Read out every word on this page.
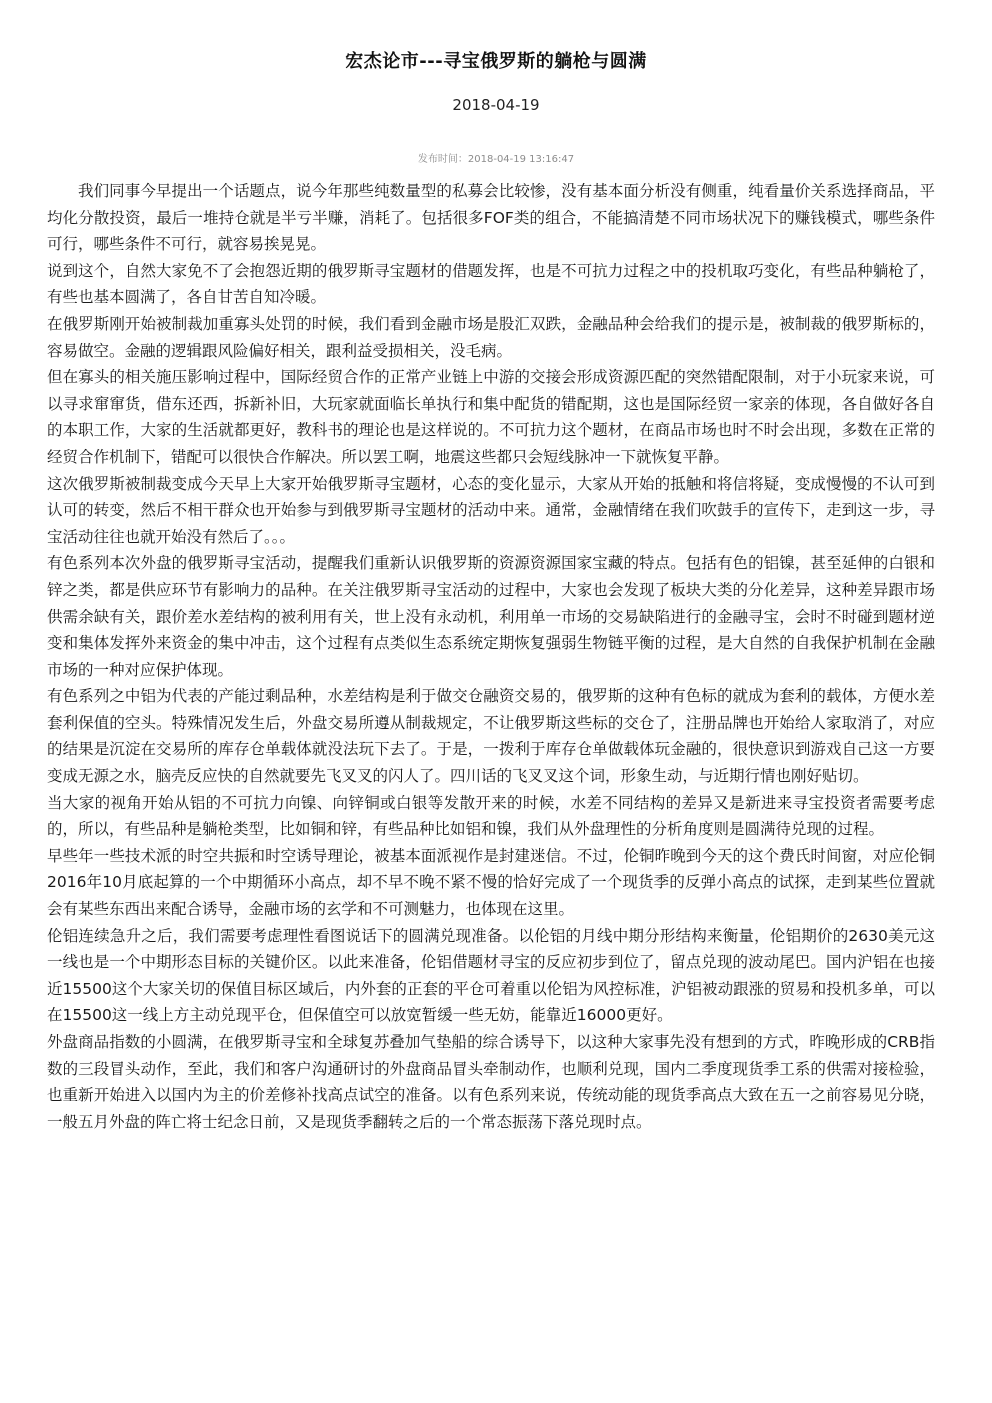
宏杰论市---寻宝俄罗斯的躺枪与圆满
2018-04-19
发布时间：2018-04-19 13:16:47

我们同事今早提出一个话题点，说今年那些纯数量型的私募会比较惨，没有基本面分析没有侧重，纯看量价关系选择商品，平均化分散投资，最后一堆持仓就是半亏半赚，消耗了。包括很多FOF类的组合，不能搞清楚不同市场状况下的赚钱模式，哪些条件可行，哪些条件不可行，就容易挨晃晃。

说到这个，自然大家免不了会抱怨近期的俄罗斯寻宝题材的借题发挥，也是不可抗力过程之中的投机取巧变化，有些品种躺枪了，有些也基本圆满了，各自甘苦自知冷暖。

在俄罗斯刚开始被制裁加重寡头处罚的时候，我们看到金融市场是股汇双跌，金融品种会给我们的提示是，被制裁的俄罗斯标的，容易做空。金融的逻辑跟风险偏好相关，跟利益受损相关，没毛病。

但在寡头的相关施压影响过程中，国际经贸合作的正常产业链上中游的交接会形成资源匹配的突然错配限制，对于小玩家来说，可以寻求窜窜货，借东还西，拆新补旧，大玩家就面临长单执行和集中配货的错配期，这也是国际经贸一家亲的体现，各自做好各自的本职工作，大家的生活就都更好，教科书的理论也是这样说的。不可抗力这个题材，在商品市场也时不时会出现，多数在正常的经贸合作机制下，错配可以很快合作解决。所以罢工啊，地震这些都只会短线脉冲一下就恢复平静。

这次俄罗斯被制裁变成今天早上大家开始俄罗斯寻宝题材，心态的变化显示，大家从开始的抵触和将信将疑，变成慢慢的不认可到认可的转变，然后不相干群众也开始参与到俄罗斯寻宝题材的活动中来。通常，金融情绪在我们吹鼓手的宣传下，走到这一步，寻宝活动往往也就开始没有然后了。。。

有色系列本次外盘的俄罗斯寻宝活动，提醒我们重新认识俄罗斯的资源资源国家宝藏的特点。包括有色的铝镍，甚至延伸的白银和锌之类，都是供应环节有影响力的品种。在关注俄罗斯寻宝活动的过程中，大家也会发现了板块大类的分化差异，这种差异跟市场供需余缺有关，跟价差水差结构的被利用有关，世上没有永动机，利用单一市场的交易缺陷进行的金融寻宝，会时不时碰到题材逆变和集体发挥外来资金的集中冲击，这个过程有点类似生态系统定期恢复强弱生物链平衡的过程，是大自然的自我保护机制在金融市场的一种对应保护体现。

有色系列之中铝为代表的产能过剩品种，水差结构是利于做交仓融资交易的，俄罗斯的这种有色标的就成为套利的载体，方便水差套利保值的空头。特殊情况发生后，外盘交易所遵从制裁规定，不让俄罗斯这些标的交仓了，注册品牌也开始给人家取消了，对应的结果是沉淀在交易所的库存仓单载体就没法玩下去了。于是，一拨利于库存仓单做载体玩金融的，很快意识到游戏自己这一方要变成无源之水，脑壳反应快的自然就要先飞叉叉的闪人了。四川话的飞叉叉这个词，形象生动，与近期行情也刚好贴切。

当大家的视角开始从铝的不可抗力向镍、向锌铜或白银等发散开来的时候，水差不同结构的差异又是新进来寻宝投资者需要考虑的，所以，有些品种是躺枪类型，比如铜和锌，有些品种比如铝和镍，我们从外盘理性的分析角度则是圆满待兑现的过程。

早些年一些技术派的时空共振和时空诱导理论，被基本面派视作是封建迷信。不过，伦铜昨晚到今天的这个费氏时间窗，对应伦铜2016年10月底起算的一个中期循环小高点，却不早不晚不紧不慢的恰好完成了一个现货季的反弹小高点的试探，走到某些位置就会有某些东西出来配合诱导，金融市场的玄学和不可测魅力，也体现在这里。

伦铝连续急升之后，我们需要考虑理性看图说话下的圆满兑现准备。以伦铝的月线中期分形结构来衡量，伦铝期价的2630美元这一线也是一个中期形态目标的关键价区。以此来准备，伦铝借题材寻宝的反应初步到位了，留点兑现的波动尾巴。国内沪铝在也接近15500这个大家关切的保值目标区域后，内外套的正套的平仓可着重以伦铝为风控标准，沪铝被动跟涨的贸易和投机多单，可以在15500这一线上方主动兑现平仓，但保值空可以放宽暂缓一些无妨，能靠近16000更好。

外盘商品指数的小圆满，在俄罗斯寻宝和全球复苏叠加气垫船的综合诱导下，以这种大家事先没有想到的方式，昨晚形成的CRB指数的三段冒头动作，至此，我们和客户沟通研讨的外盘商品冒头牵制动作，也顺利兑现，国内二季度现货季工系的供需对接检验，也重新开始进入以国内为主的价差修补找高点试空的准备。以有色系列来说，传统动能的现货季高点大致在五一之前容易见分晓，一般五月外盘的阵亡将士纪念日前，又是现货季翻转之后的一个常态振荡下落兑现时点。
